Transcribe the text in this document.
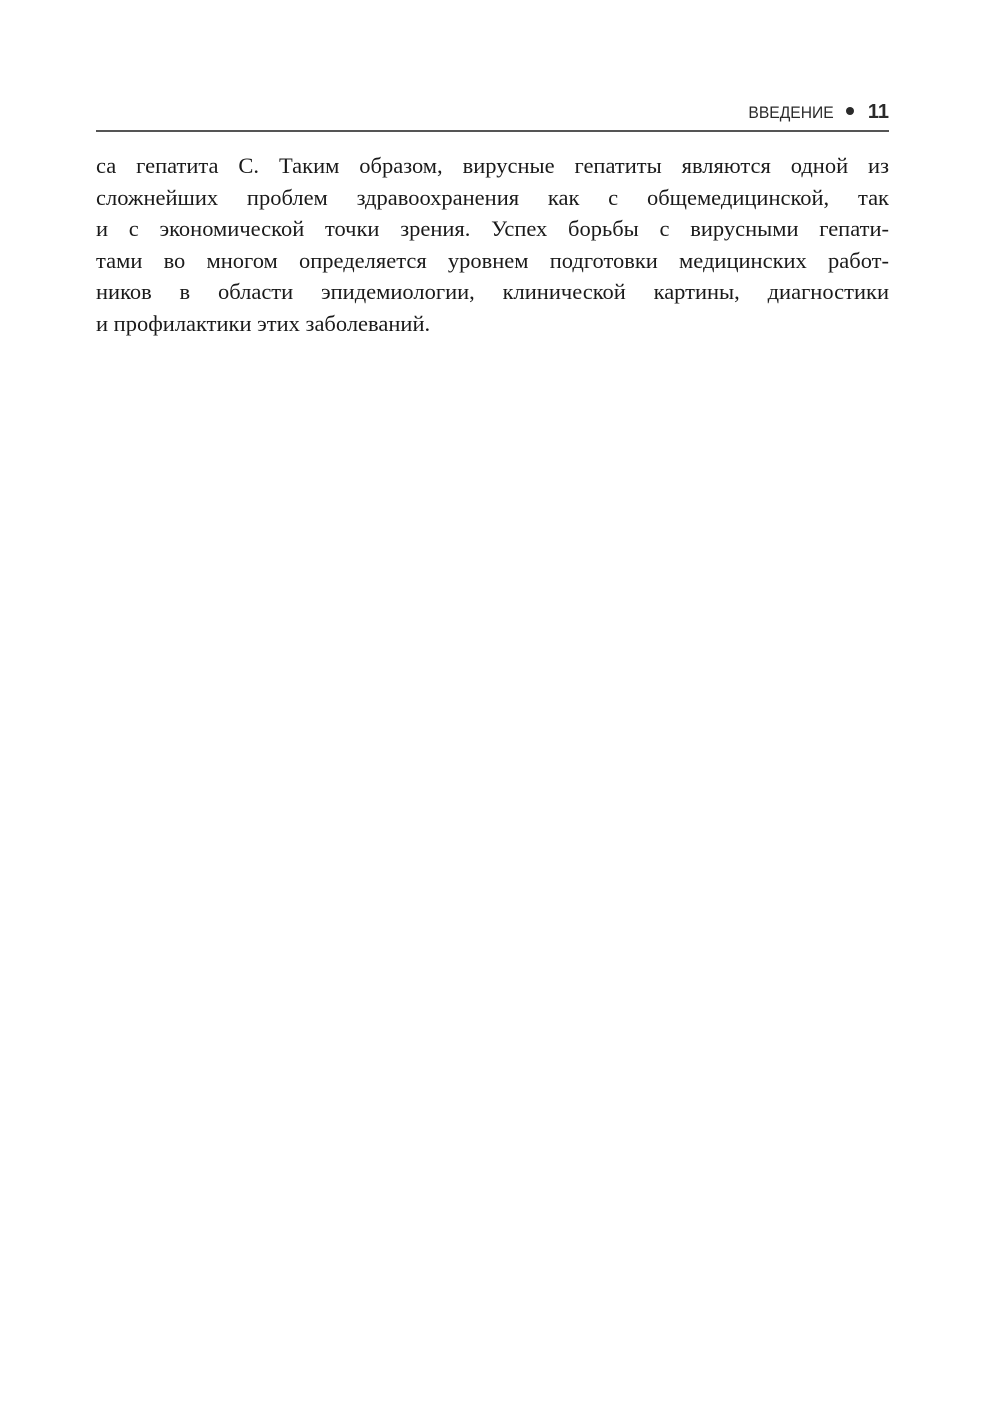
ВВЕДЕНИЕ 11
са гепатита С. Таким образом, вирусные гепатиты являются одной из
сложнейших проблем здравоохранения как с общемедицинской, так
и с экономической точки зрения. Успех борьбы с вирусными гепати-
тами во многом определяется уровнем подготовки медицинских работ-
ников в области эпидемиологии, клинической картины, диагностики
и профилактики этих заболеваний.
